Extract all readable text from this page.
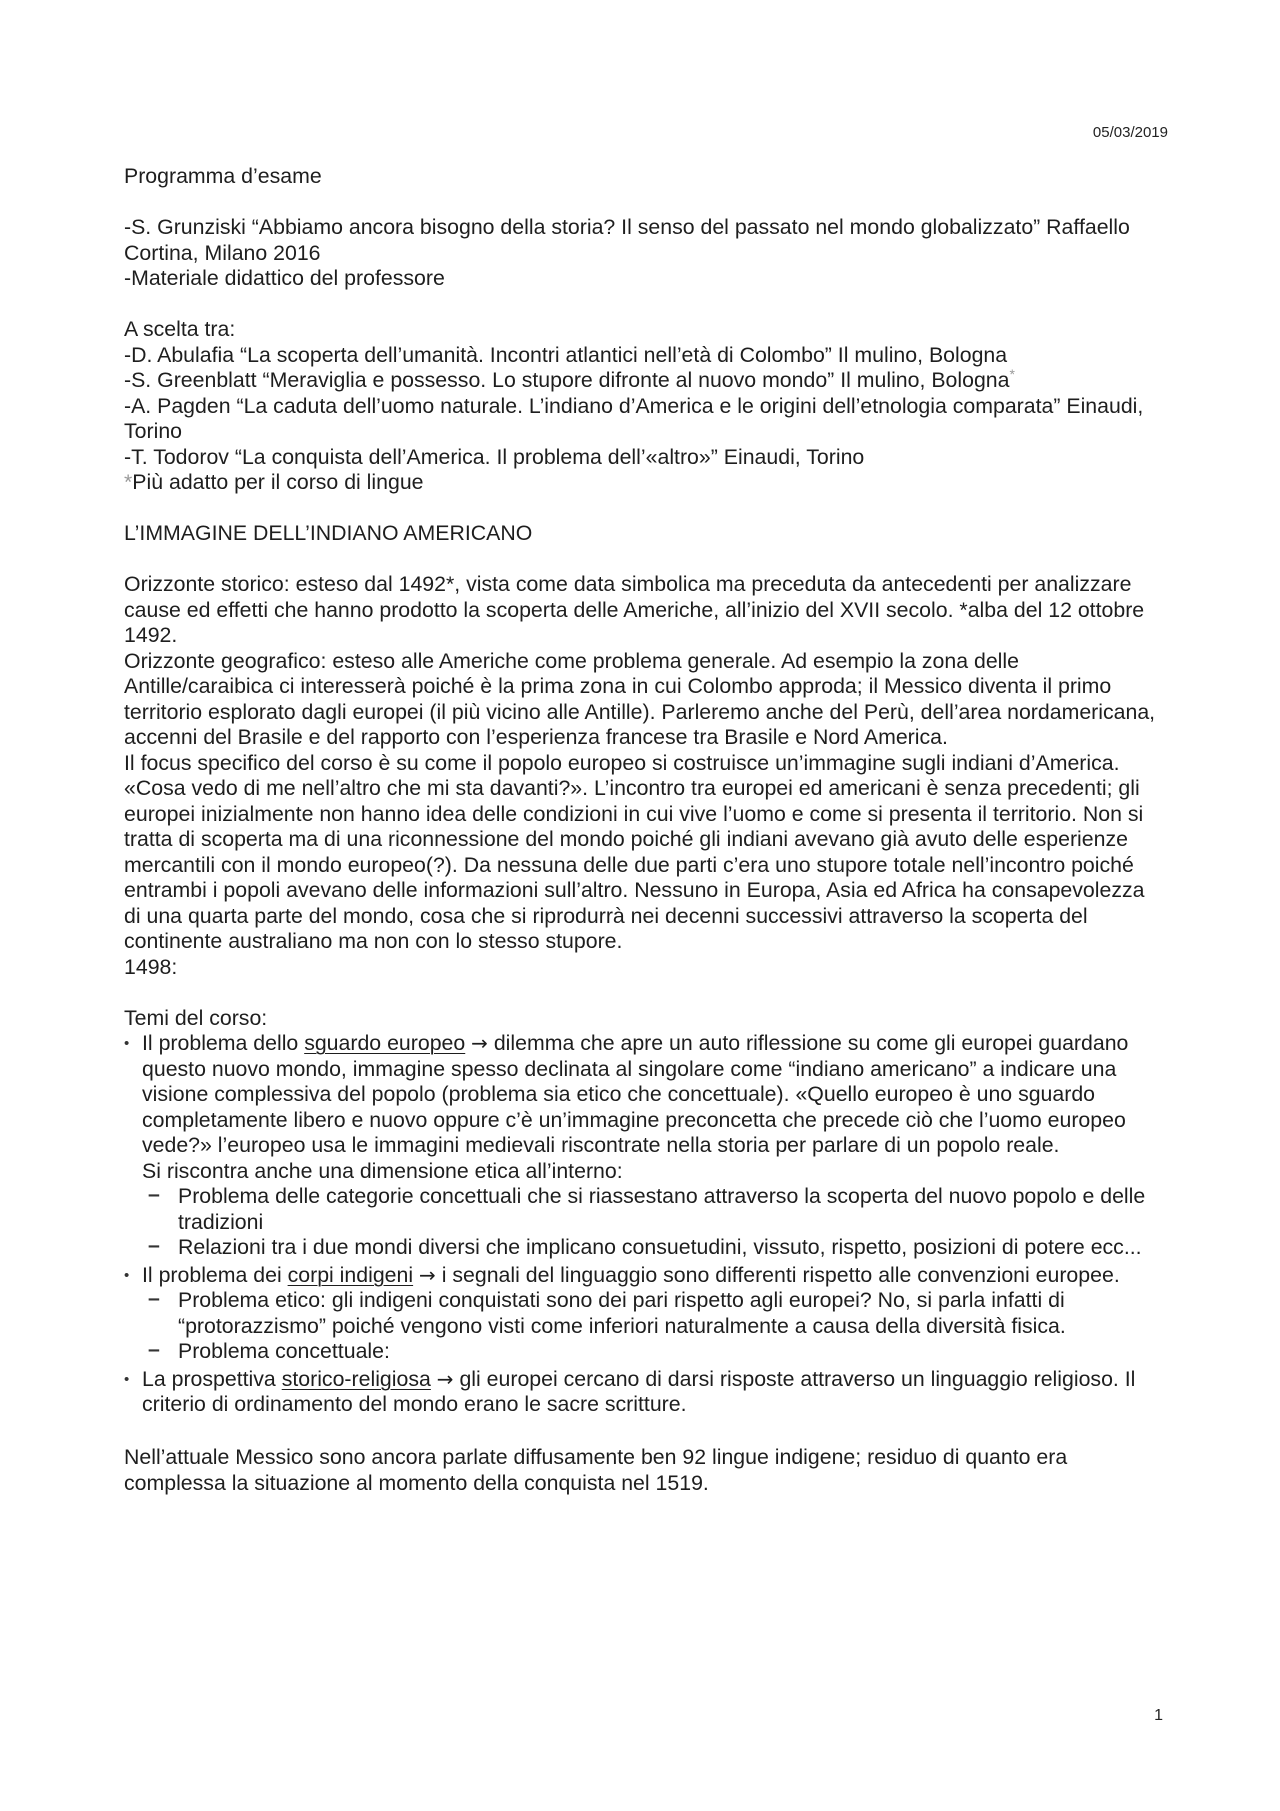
05/03/2019

Programma d’esame

-S. Grunziski “Abbiamo ancora bisogno della storia? Il senso del passato nel mondo globalizzato” Raffaello Cortina, Milano 2016

-Materiale didattico del professore

A scelta tra:

-D. Abulafia “La scoperta dell’umanità. Incontri atlantici nell’età di Colombo” Il mulino, Bologna

-S. Greenblatt “Meraviglia e possesso. Lo stupore difronte al nuovo mondo” Il mulino, Bologna*

-A. Pagden “La caduta dell’uomo naturale. L’indiano d’America e le origini dell’etnologia comparata” Einaudi, Torino

-T. Todorov “La conquista dell’America. Il problema dell’«altro»” Einaudi, Torino

*Più adatto per il corso di lingue

L’IMMAGINE DELL’INDIANO AMERICANO

Orizzonte storico: esteso dal 1492*, vista come data simbolica ma preceduta da antecedenti per analizzare cause ed effetti che hanno prodotto la scoperta delle Americhe, all’inizio del XVII secolo. *alba del 12 ottobre 1492.

Orizzonte geografico: esteso alle Americhe come problema generale. Ad esempio la zona delle Antille/caraibica ci interesserà poiché è la prima zona in cui Colombo approda; il Messico diventa il primo territorio esplorato dagli europei (il più vicino alle Antille). Parleremo anche del Perù, dell’area nordamericana, accenni del Brasile e del rapporto con l’esperienza francese tra Brasile e Nord America.

Il focus specifico del corso è su come il popolo europeo si costruisce un’immagine sugli indiani d’America. «Cosa vedo di me nell’altro che mi sta davanti?». L’incontro tra europei ed americani è senza precedenti; gli europei inizialmente non hanno idea delle condizioni in cui vive l’uomo e come si presenta il territorio. Non si tratta di scoperta ma di una riconnessione del mondo poiché gli indiani avevano già avuto delle esperienze mercantili con il mondo europeo(?). Da nessuna delle due parti c’era uno stupore totale nell’incontro poiché entrambi i popoli avevano delle informazioni sull’altro. Nessuno in Europa, Asia ed Africa ha consapevolezza di una quarta parte del mondo, cosa che si riprodurrà nei decenni successivi attraverso la scoperta del continente australiano ma non con lo stesso stupore.

1498:

Temi del corso:

• Il problema dello sguardo europeo → dilemma che apre un auto riflessione su come gli europei guardano questo nuovo mondo, immagine spesso declinata al singolare come “indiano americano” a indicare una visione complessiva del popolo (problema sia etico che concettuale). «Quello europeo è uno sguardo completamente libero e nuovo oppure c’è un’immagine preconcetta che precede ciò che l’uomo europeo vede?» l’europeo usa le immagini medievali riscontrate nella storia per parlare di un popolo reale.
Si riscontra anche una dimensione etica all’interno:
– Problema delle categorie concettuali che si riassestano attraverso la scoperta del nuovo popolo e delle tradizioni
– Relazioni tra i due mondi diversi che implicano consuetudini, vissuto, rispetto, posizioni di potere ecc...
• Il problema dei corpi indigeni → i segnali del linguaggio sono differenti rispetto alle convenzioni europee.
– Problema etico: gli indigeni conquistati sono dei pari rispetto agli europei? No, si parla infatti di “protorazzismo” poiché vengono visti come inferiori naturalmente a causa della diversità fisica.
– Problema concettuale:
• La prospettiva storico-religiosa → gli europei cercano di darsi risposte attraverso un linguaggio religioso. Il criterio di ordinamento del mondo erano le sacre scritture.

Nell’attuale Messico sono ancora parlate diffusamente ben 92 lingue indigene; residuo di quanto era complessa la situazione al momento della conquista nel 1519.

1
